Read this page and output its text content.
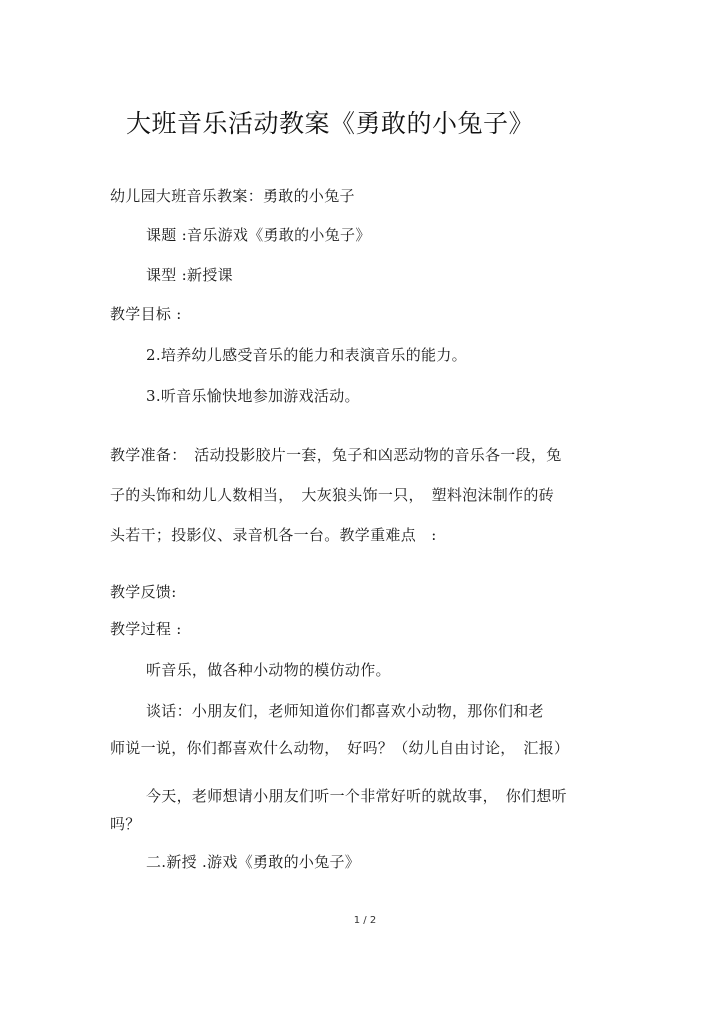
大班音乐活动教案《勇敢的小兔子》
幼儿园大班音乐教案：勇敢的小兔子
课题 :音乐游戏《勇敢的小兔子》
课型 :新授课
教学目标 :
2.培养幼儿感受音乐的能力和表演音乐的能力。
3.听音乐愉快地参加游戏活动。
教学准备：　活动投影胶片一套，兔子和凶恶动物的音乐各一段，兔
子的头饰和幼儿人数相当，　大灰狼头饰一只，　塑料泡沫制作的砖
头若干；投影仪、录音机各一台。教学重难点　:
教学反馈:
教学过程 :
听音乐，做各种小动物的模仿动作。
谈话：小朋友们，老师知道你们都喜欢小动物，那你们和老
师说一说，你们都喜欢什么动物，　好吗？（幼儿自由讨论，　汇报）
今天，老师想请小朋友们听一个非常好听的就故事，　你们想听
吗？
二.新授 .游戏《勇敢的小兔子》
1 / 2
